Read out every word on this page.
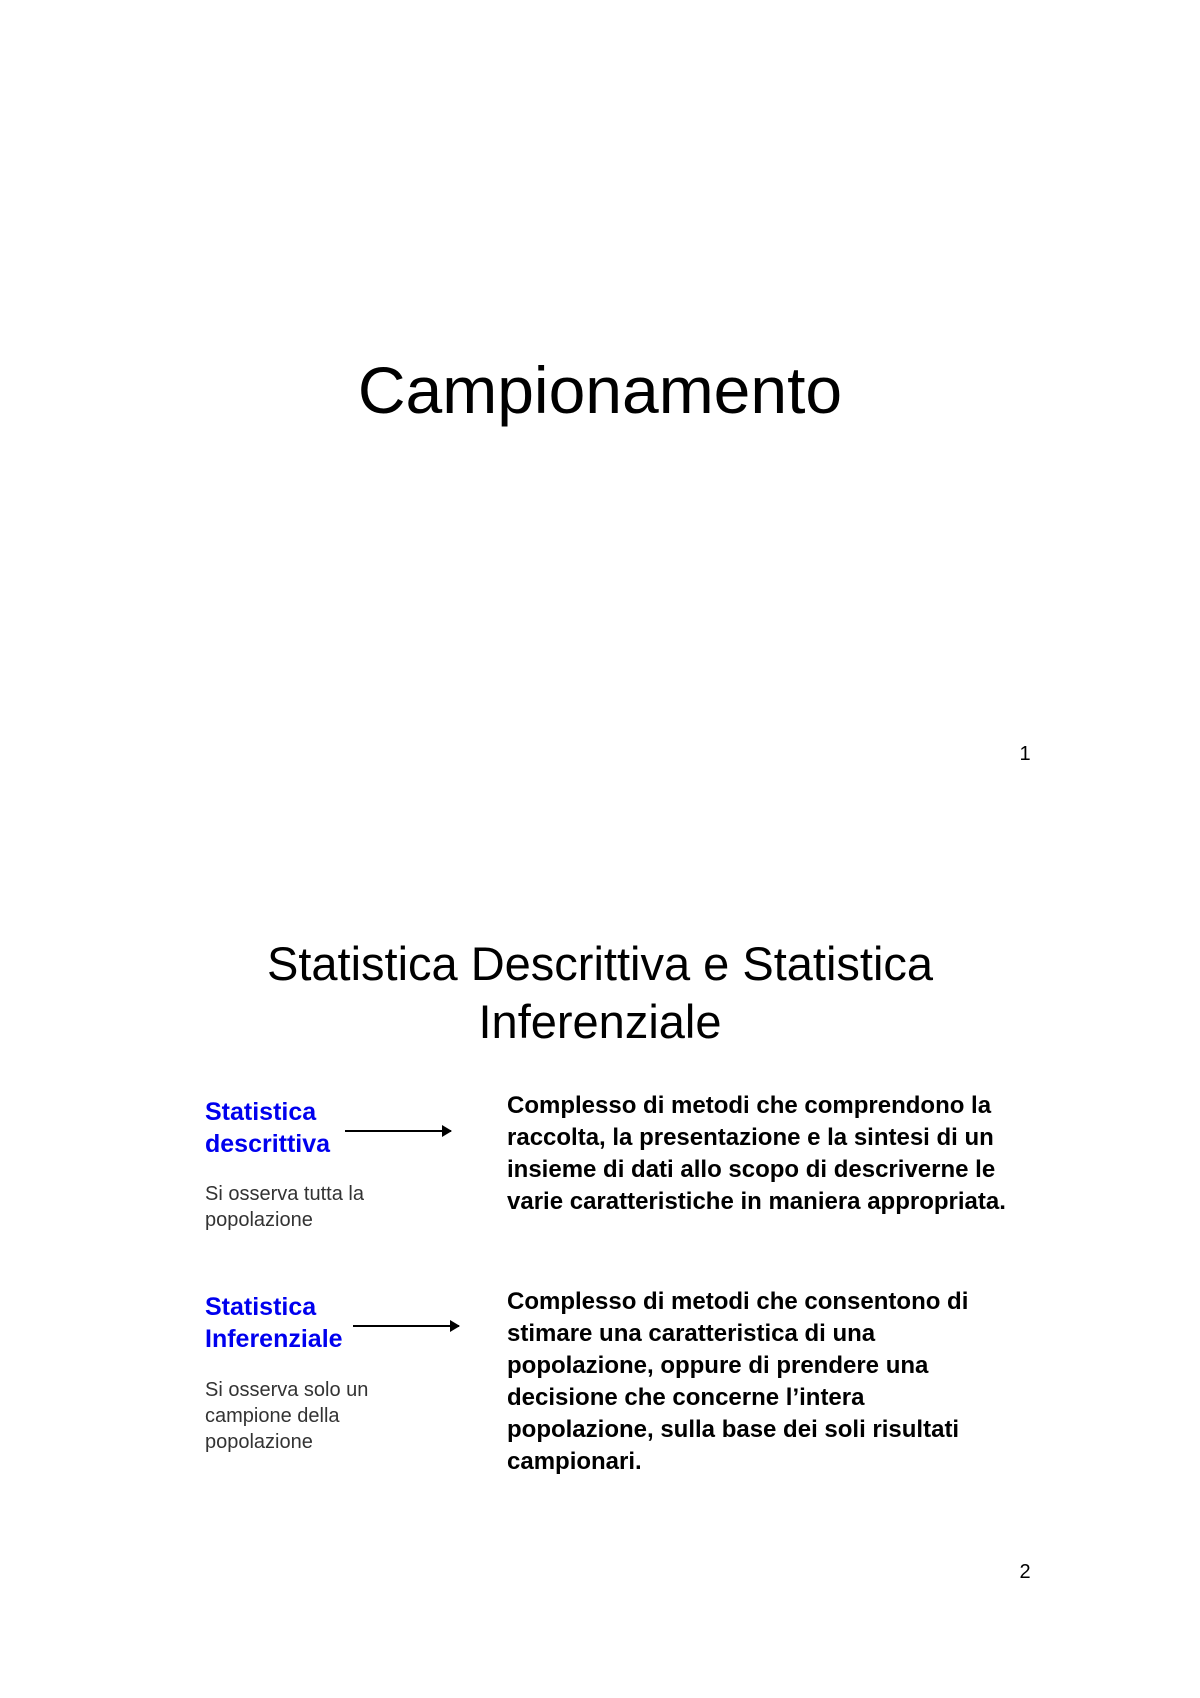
Campionamento
1
Statistica Descrittiva e Statistica
Inferenziale

Statistica
descrittiva

Si osserva tutta la
popolazione

Complesso di metodi che comprendono la raccolta, la presentazione e la sintesi di un insieme di dati allo scopo di descriverne le varie caratteristiche in maniera appropriata.

Statistica
Inferenziale

Si osserva solo un
campione della
popolazione

Complesso di metodi che consentono di stimare una caratteristica di una popolazione, oppure di prendere una decisione che concerne l’intera popolazione, sulla base dei soli risultati campionari.

2
